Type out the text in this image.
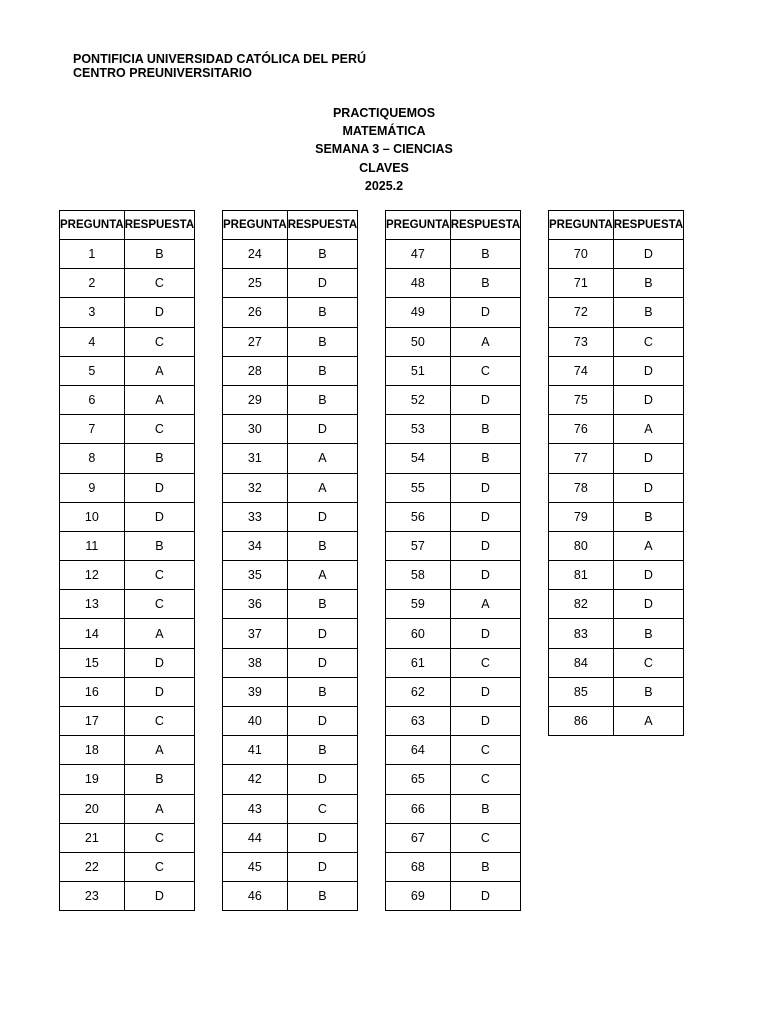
PONTIFICIA UNIVERSIDAD CATÓLICA DEL PERÚ
CENTRO PREUNIVERSITARIO
PRACTIQUEMOS
MATEMÁTICA
SEMANA 3 – CIENCIAS
CLAVES
2025.2
PREGUNTA	RESPUESTA
1	B
2	C
3	D
4	C
5	A
6	A
7	C
8	B
9	D
10	D
11	B
12	C
13	C
14	A
15	D
16	D
17	C
18	A
19	B
20	A
21	C
22	C
23	D
PREGUNTA	RESPUESTA
24	B
25	D
26	B
27	B
28	B
29	B
30	D
31	A
32	A
33	D
34	B
35	A
36	B
37	D
38	D
39	B
40	D
41	B
42	D
43	C
44	D
45	D
46	B
PREGUNTA	RESPUESTA
47	B
48	B
49	D
50	A
51	C
52	D
53	B
54	B
55	D
56	D
57	D
58	D
59	A
60	D
61	C
62	D
63	D
64	C
65	C
66	B
67	C
68	B
69	D
PREGUNTA	RESPUESTA
70	D
71	B
72	B
73	C
74	D
75	D
76	A
77	D
78	D
79	B
80	A
81	D
82	D
83	B
84	C
85	B
86	A
